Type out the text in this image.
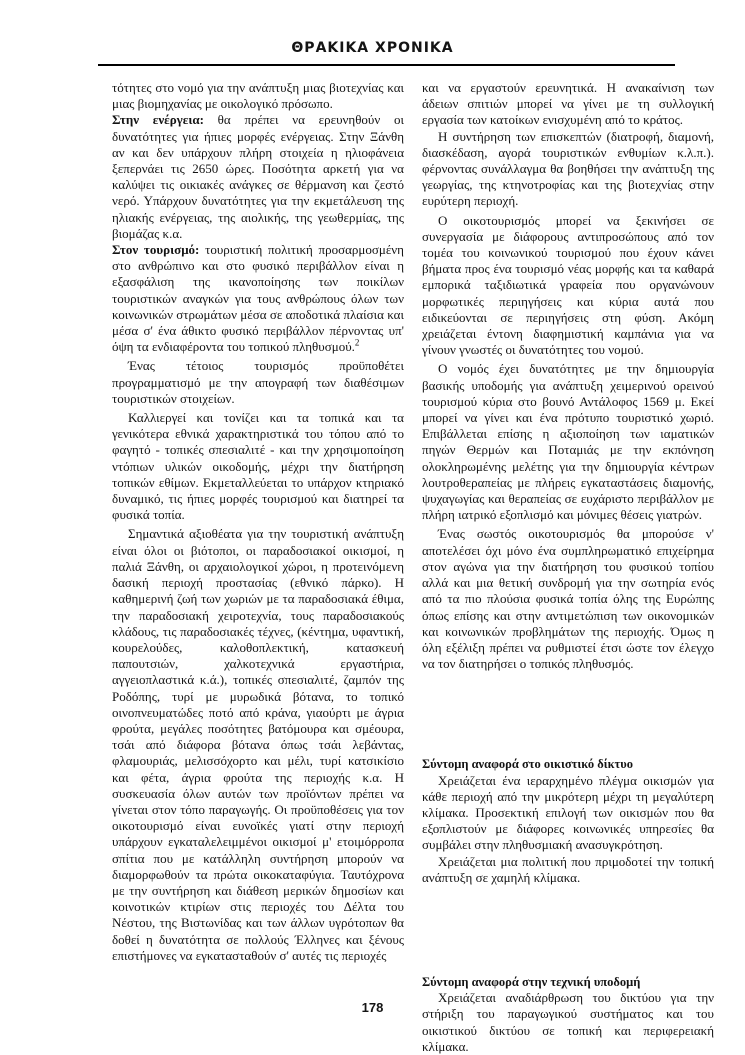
ΘΡΑΚΙΚΑ ΧΡΟΝΙΚΑ

τότητες στο νομό για την ανάπτυξη μιας βιοτεχνίας και μιας βιομηχανίας με οικολογικό πρόσωπο.

Στην ενέργεια: θα πρέπει να ερευνηθούν οι δυνατότητες για ήπιες μορφές ενέργειας. Στην Ξάνθη αν και δεν υπάρχουν πλήρη στοιχεία η ηλιοφάνεια ξεπερνάει τις 2650 ώρες. Ποσότητα αρκετή για να καλύψει τις οικιακές ανάγκες σε θέρμανση και ζεστό νερό. Υπάρχουν δυνατότητες για την εκμετάλευση της ηλιακής ενέργειας, της αιολικής, της γεωθερμίας, της βιομάζας κ.α.

Στον τουρισμό: τουριστική πολιτική προσαρμοσμένη στο ανθρώπινο και στο φυσικό περιβάλλον είναι η εξασφάλιση της ικανοποίησης των ποικίλων τουριστικών αναγκών για τους ανθρώπους όλων των κοινωνικών στρωμάτων μέσα σε αποδοτικά πλαίσια και μέσα σ' ένα άθικτο φυσικό περιβάλλον πέρνοντας υπ' όψη τα ενδιαφέροντα του τοπικού πληθυσμού.$^2$

Ένας τέτοιος τουρισμός προϋποθέτει προγραμματισμό με την απογραφή των διαθέσιμων τουριστικών στοιχείων.

Καλλιεργεί και τονίζει και τα τοπικά και τα γενικότερα εθνικά χαρακτηριστικά του τόπου από το φαγητό - τοπικές σπεσιαλιτέ - και την χρησιμοποίηση ντόπιων υλικών οικοδομής, μέχρι την διατήρηση τοπικών εθίμων. Εκμεταλλεύεται το υπάρχον κτηριακό δυναμικό, τις ήπιες μορφές τουρισμού και διατηρεί τα φυσικά τοπία.

Σημαντικά αξιοθέατα για την τουριστική ανάπτυξη είναι όλοι οι βιότοποι, οι παραδοσιακοί οικισμοί, η παλιά Ξάνθη, οι αρχαιολογικοί χώροι, η προτεινόμενη δασική περιοχή προστασίας (εθνικό πάρκο). Η καθημερινή ζωή των χωριών με τα παραδοσιακά έθιμα, την παραδοσιακή χειροτεχνία, τους παραδοσιακούς κλάδους, τις παραδοσιακές τέχνες, (κέντημα, υφαντική, κουρελούδες, καλοθοπλεκτική, κατασκευή παπουτσιών, χαλκοτεχνικά εργαστήρια, αγγειοπλαστικά κ.ά.), τοπικές σπεσιαλιτέ, ζαμπόν της Ροδόπης, τυρί με μυρωδικά βότανα, το τοπικό οινοπνευματώδες ποτό από κράνα, γιαούρτι με άγρια φρούτα, μεγάλες ποσότητες βατόμουρα και σμέουρα, τσάι από διάφορα βότανα όπως τσάι λεβάντας, φλαμουριάς, μελισσόχορτο και μέλι, τυρί κατσικίσιο και φέτα, άγρια φρούτα της περιοχής κ.α. Η συσκευασία όλων αυτών των προϊόντων πρέπει να γίνεται στον τόπο παραγωγής. Οι προϋποθέσεις για τον οικοτουρισμό είναι ευνοϊκές γιατί στην περιοχή υπάρχουν εγκαταλελειμμένοι οικισμοί μ' ετοιμόρροπα σπίτια που με κατάλληλη συντήρηση μπορούν να διαμορφωθούν τα πρώτα οικοκαταφύγια. Ταυτόχρονα με την συντήρηση και διάθεση μερικών δημοσίων και κοινοτικών κτιρίων στις περιοχές του Δέλτα του Νέστου, της Βιστωνίδας και των άλλων υγρότοπων θα δοθεί η δυνατότητα σε πολλούς Έλληνες και ξένους επιστήμονες να εγκατασταθούν σ' αυτές τις περιοχές

και να εργαστούν ερευνητικά. Η ανακαίνιση των άδειων σπιτιών μπορεί να γίνει με τη συλλογική εργασία των κατοίκων ενισχυμένη από το κράτος.

Η συντήρηση των επισκεπτών (διατροφή, διαμονή, διασκέδαση, αγορά τουριστικών ενθυμίων κ.λ.π.). φέρνοντας συνάλλαγμα θα βοηθήσει την ανάπτυξη της γεωργίας, της κτηνοτροφίας και της βιοτεχνίας στην ευρύτερη περιοχή.

Ο οικοτουρισμός μπορεί να ξεκινήσει σε συνεργασία με διάφορους αντιπροσώπους από τον τομέα του κοινωνικού τουρισμού που έχουν κάνει βήματα προς ένα τουρισμό νέας μορφής και τα καθαρά εμπορικά ταξιδιωτικά γραφεία που οργανώνουν μορφωτικές περιηγήσεις και κύρια αυτά που ειδικεύονται σε περιηγήσεις στη φύση. Ακόμη χρειάζεται έντονη διαφημιστική καμπάνια για να γίνουν γνωστές οι δυνατότητες του νομού.

Ο νομός έχει δυνατότητες με την δημιουργία βασικής υποδομής για ανάπτυξη χειμερινού ορεινού τουρισμού κύρια στο βουνό Αντάλοφος 1569 μ. Εκεί μπορεί να γίνει και ένα πρότυπο τουριστικό χωριό. Επιβάλλεται επίσης η αξιοποίηση των ιαματικών πηγών Θερμών και Ποταμιάς με την εκπόνηση ολοκληρωμένης μελέτης για την δημιουργία κέντρων λουτροθεραπείας με πλήρεις εγκαταστάσεις διαμονής, ψυχαγωγίας και θεραπείας σε ευχάριστο περιβάλλον με πλήρη ιατρικό εξοπλισμό και μόνιμες θέσεις γιατρών.

Ένας σωστός οικοτουρισμός θα μπορούσε ν' αποτελέσει όχι μόνο ένα συμπληρωματικό επιχείρημα στον αγώνα για την διατήρηση του φυσικού τοπίου αλλά και μια θετική συνδρομή για την σωτηρία ενός από τα πιο πλούσια φυσικά τοπία όλης της Ευρώπης όπως επίσης και στην αντιμετώπιση των οικονομικών και κοινωνικών προβλημάτων της περιοχής. Όμως η όλη εξέλιξη πρέπει να ρυθμιστεί έτσι ώστε τον έλεγχο να τον διατηρήσει ο τοπικός πληθυσμός.

Σύντομη αναφορά στο οικιστικό δίκτυο

Χρειάζεται ένα ιεραρχημένο πλέγμα οικισμών για κάθε περιοχή από την μικρότερη μέχρι τη μεγαλύτερη κλίμακα. Προσεκτική επιλογή των οικισμών που θα εξοπλιστούν με διάφορες κοινωνικές υπηρεσίες θα συμβάλει στην πληθυσμιακή ανασυγκρότηση.

Χρειάζεται μια πολιτική που πριμοδοτεί την τοπική ανάπτυξη σε χαμηλή κλίμακα.

Σύντομη αναφορά στην τεχνική υποδομή

Χρειάζεται αναδιάρθρωση του δικτύου για την στήριξη του παραγωγικού συστήματος και του οικιστικού δικτύου σε τοπική και περιφερειακή κλίμακα.

178
